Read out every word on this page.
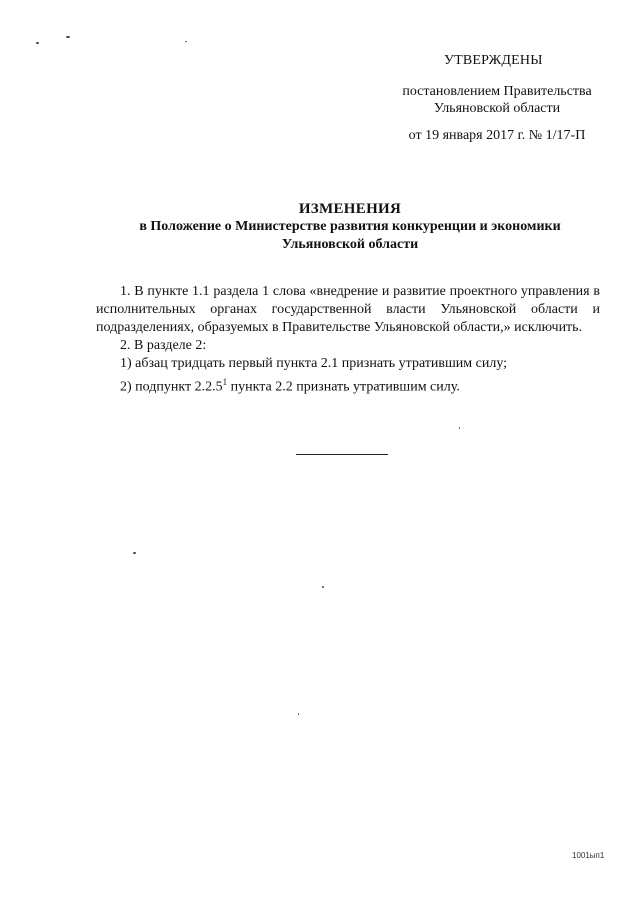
УТВЕРЖДЕНЫ
постановлением Правительства
Ульяновской области
от 19 января 2017 г. № 1/17-П
ИЗМЕНЕНИЯ
в Положение о Министерстве развития конкуренции и экономики
Ульяновской области

1. В пункте 1.1 раздела 1 слова «внедрение и развитие проектного управления в исполнительных органах государственной власти Ульяновской области и подразделениях, образуемых в Правительстве Ульяновской области,» исключить.

2. В разделе 2:

1) абзац тридцать первый пункта 2.1 признать утратившим силу;

2) подпункт 2.2.5$^1$ пункта 2.2 признать утратившим силу.

1001ып1
